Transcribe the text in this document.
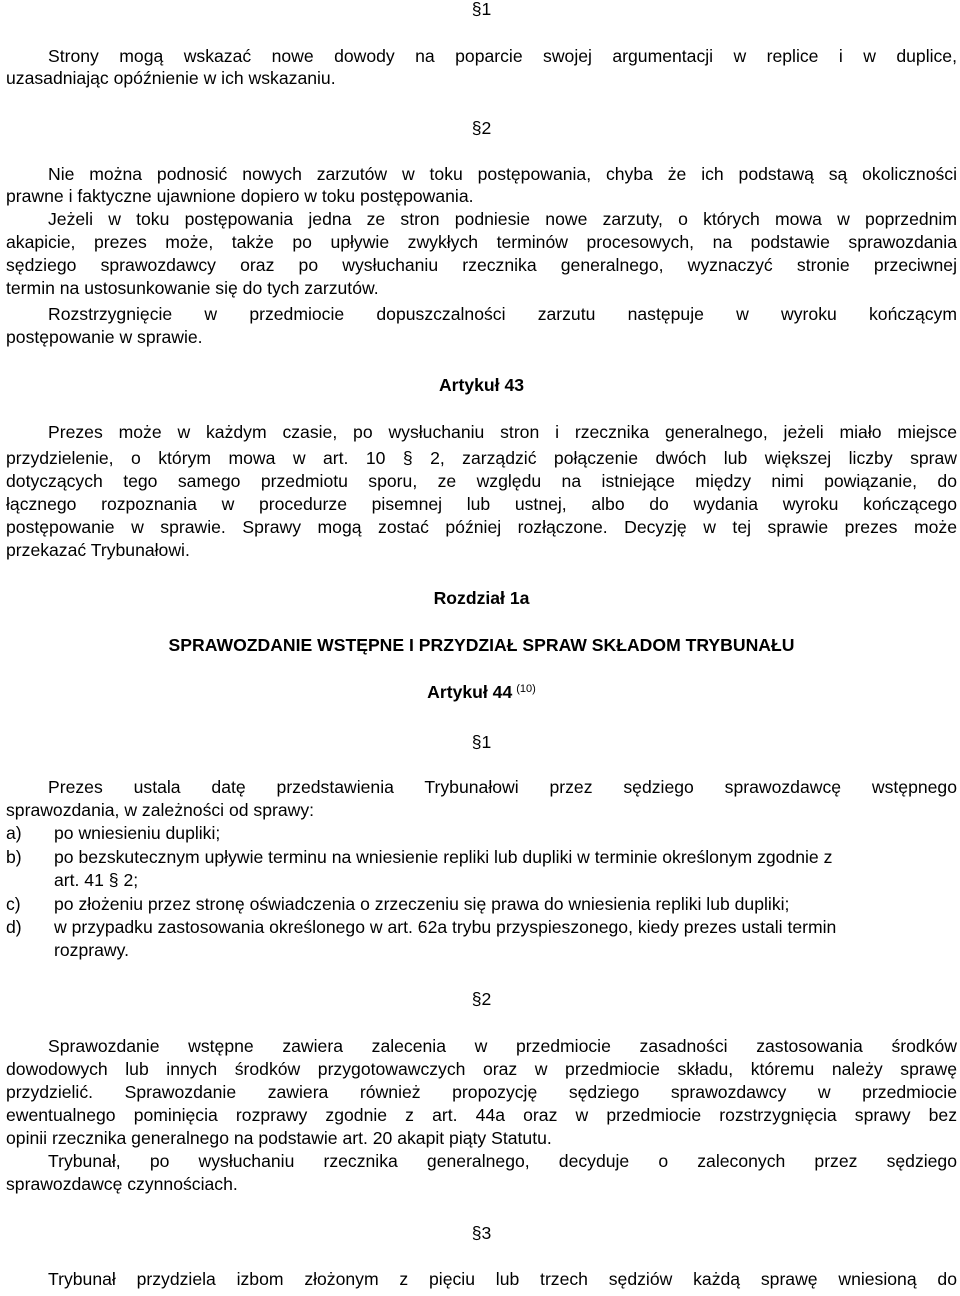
§1
Strony mogą wskazać nowe dowody na poparcie swojej argumentacji w replice i w duplice,
uzasadniając opóźnienie w ich wskazaniu.
§2
Nie można podnosić nowych zarzutów w toku postępowania, chyba że ich podstawą są okoliczności
prawne i faktyczne ujawnione dopiero w toku postępowania.
Jeżeli w toku postępowania jedna ze stron podniesie nowe zarzuty, o których mowa w poprzednim
akapicie, prezes może, także po upływie zwykłych terminów procesowych, na podstawie sprawozdania
sędziego sprawozdawcy oraz po wysłuchaniu rzecznika generalnego, wyznaczyć stronie przeciwnej
termin na ustosunkowanie się do tych zarzutów.
Rozstrzygnięcie w przedmiocie dopuszczalności zarzutu następuje w wyroku kończącym
postępowanie w sprawie.
Artykuł 43
Prezes może w każdym czasie, po wysłuchaniu stron i rzecznika generalnego, jeżeli miało miejsce
przydzielenie, o którym mowa w art. 10 § 2, zarządzić połączenie dwóch lub większej liczby spraw
dotyczących tego samego przedmiotu sporu, ze względu na istniejące między nimi powiązanie, do
łącznego rozpoznania w procedurze pisemnej lub ustnej, albo do wydania wyroku kończącego
postępowanie w sprawie. Sprawy mogą zostać później rozłączone. Decyzję w tej sprawie prezes może
przekazać Trybunałowi.
Rozdział 1a
SPRAWOZDANIE WSTĘPNE I PRZYDZIAŁ SPRAW SKŁADOM TRYBUNAŁU
Artykuł 44 $^{(10)}$
§1
Prezes ustala datę przedstawienia Trybunałowi przez sędziego sprawozdawcę wstępnego
sprawozdania, w zależności od sprawy:
a)	po wniesieniu dupliki;
b)	po bezskutecznym upływie terminu na wniesienie repliki lub dupliki w terminie określonym zgodnie z
art. 41 § 2;
c)	po złożeniu przez stronę oświadczenia o zrzeczeniu się prawa do wniesienia repliki lub dupliki;
d)	w przypadku zastosowania określonego w art. 62a trybu przyspieszonego, kiedy prezes ustali termin
rozprawy.
§2
Sprawozdanie wstępne zawiera zalecenia w przedmiocie zasadności zastosowania środków
dowodowych lub innych środków przygotowawczych oraz w przedmiocie składu, któremu należy sprawę
przydzielić. Sprawozdanie zawiera również propozycję sędziego sprawozdawcy w przedmiocie
ewentualnego pominięcia rozprawy zgodnie z art. 44a oraz w przedmiocie rozstrzygnięcia sprawy bez
opinii rzecznika generalnego na podstawie art. 20 akapit piąty Statutu.
Trybunał, po wysłuchaniu rzecznika generalnego, decyduje o zaleconych przez sędziego
sprawozdawcę czynnościach.
§3
Trybunał przydziela izbom złożonym z pięciu lub trzech sędziów każdą sprawę wniesioną do
